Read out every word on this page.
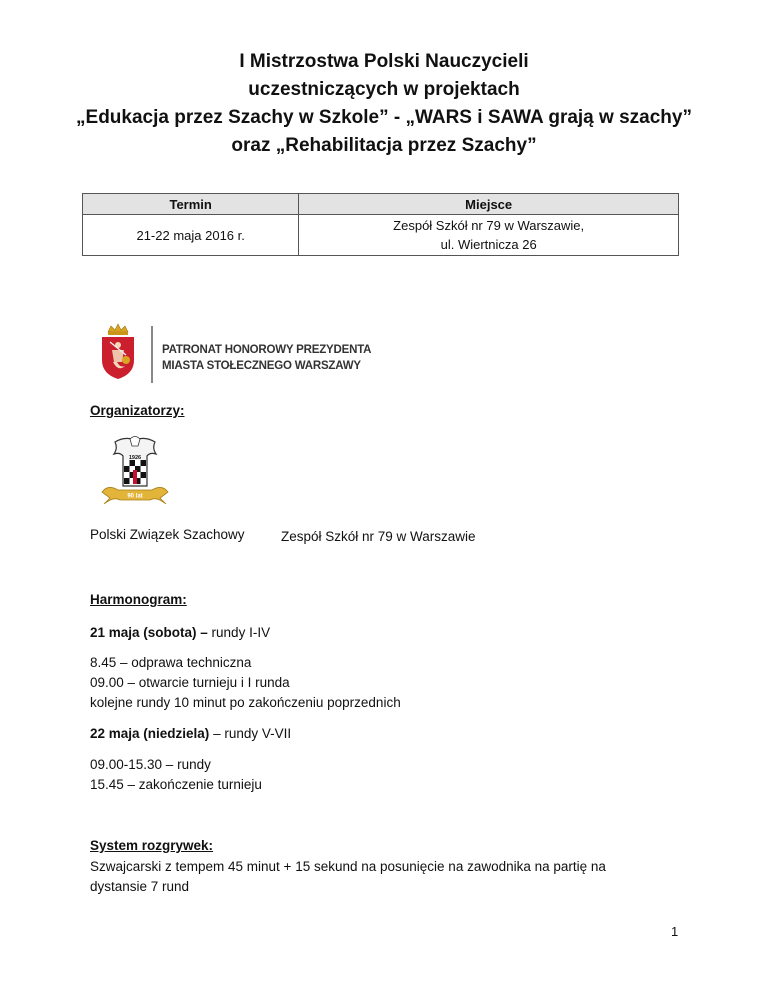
I Mistrzostwa Polski Nauczycieli
uczestniczących w projektach
„Edukacja przez Szachy w Szkole” - „WARS i SAWA grają w szachy”
oraz „Rehabilitacja przez Szachy”
Termin	Miejsce
21-22 maja 2016 r.	Zespół Szkół nr 79 w Warszawie,
ul. Wiertnicza 26
PATRONAT HONOROWY PREZYDENTA
MIASTA STOŁECZNEGO WARSZAWY
Organizatorzy:
1926
90 lat
Polski Związek Szachowy	Zespół Szkół nr 79 w Warszawie
Harmonogram:
21 maja (sobota) – rundy I-IV
8.45 – odprawa techniczna
09.00 – otwarcie turnieju i I runda
kolejne rundy 10 minut po zakończeniu poprzednich
22 maja (niedziela) – rundy V-VII
09.00-15.30 – rundy
15.45 – zakończenie turnieju
System rozgrywek:
Szwajcarski z tempem 45 minut + 15 sekund na posunięcie na zawodnika na partię na
dystansie 7 rund
1
